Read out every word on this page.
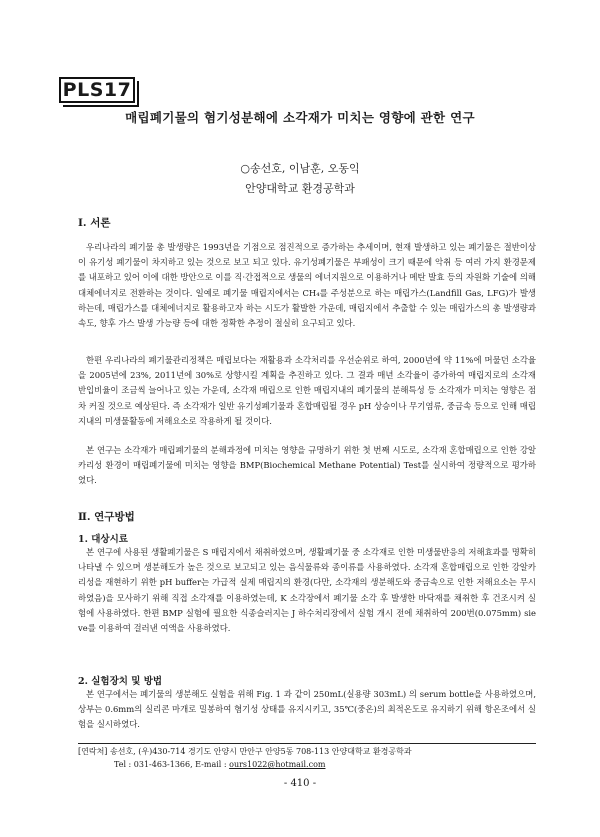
PLS17
매립폐기물의 혐기성분해에 소각재가 미치는 영향에 관한 연구
○송선호, 이남훈, 오동익
안양대학교 환경공학과
Ⅰ. 서론

우리나라의 폐기물 총 발생량은 1993년을 기점으로 점진적으로 증가하는 추세이며, 현재 발생하고 있는 폐기물은 절반이상이 유기성 폐기물이 차지하고 있는 것으로 보고 되고 있다. 유기성폐기물은 부패성이 크기 때문에 악취 등 여러 가지 환경문제를 내포하고 있어 이에 대한 방안으로 이를 직·간접적으로 생물의 에너지원으로 이용하거나 메탄 발효 등의 자원화 기술에 의해 대체에너지로 전환하는 것이다. 일예로 폐기물 매립지에서는 CH₄를 주성분으로 하는 매립가스(Landfill Gas, LFG)가 발생하는데, 매립가스를 대체에너지로 활용하고자 하는 시도가 활발한 가운데, 매립지에서 추출할 수 있는 매립가스의 총 발생량과 속도, 향후 가스 발생 가능량 등에 대한 정확한 추정이 절실히 요구되고 있다.

한편 우리나라의 폐기물관리정책은 매립보다는 재활용과 소각처리를 우선순위로 하여, 2000년에 약 11%에 머물던 소각율을 2005년에 23%, 2011년에 30%로 상향시킬 계획을 추진하고 있다. 그 결과 매년 소각율이 증가하여 매립지로의 소각재 반입비율이 조금씩 늘어나고 있는 가운데, 소각재 매립으로 인한 매립지내의 폐기물의 분해특성 등 소각재가 미치는 영향은 점차 커질 것으로 예상된다. 즉 소각재가 일반 유기성폐기물과 혼합매립될 경우 pH 상승이나 무기염류, 중금속 등으로 인해 매립지내의 미생물활동에 저해요소로 작용하게 될 것이다.

본 연구는 소각재가 매립폐기물의 분해과정에 미치는 영향을 규명하기 위한 첫 번째 시도로, 소각재 혼합매립으로 인한 강알카리성 환경이 매립폐기물에 미치는 영향을 BMP(Biochemical Methane Potential) Test를 실시하여 정량적으로 평가하였다.

Ⅱ. 연구방법
1. 대상시료

본 연구에 사용된 생활폐기물은 S 매립지에서 채취하였으며, 생활폐기물 중 소각재로 인한 미생물반응의 저해효과를 명확히 나타낼 수 있으며 생분해도가 높은 것으로 보고되고 있는 음식물류와 종이류를 사용하였다. 소각재 혼합매립으로 인한 강알카리성을 재현하기 위한 pH buffer는 가급적 실제 매립지의 환경(다만, 소각재의 생분해도와 중금속으로 인한 저해요소는 무시하였음)을 모사하기 위해 직접 소각재를 이용하였는데, K 소각장에서 폐기물 소각 후 발생한 바닥재를 채취한 후 건조시켜 실험에 사용하였다. 한편 BMP 실험에 필요한 식종슬러지는 J 하수처리장에서 실험 개시 전에 채취하여 200번(0.075mm) sieve를 이용하여 걸러낸 여액을 사용하였다.

2. 실험장치 및 방법

본 연구에서는 폐기물의 생분해도 실험을 위해 Fig. 1 과 같이 250mL(실용량 303mL) 의 serum bottle을 사용하였으며, 상부는 0.6mm의 실리콘 마개로 밀봉하여 혐기성 상태를 유지시키고, 35℃(중온)의 최적온도로 유지하기 위해 항온조에서 실험을 실시하였다.

[연락처] 송선호, (우)430-714 경기도 안양시 만안구 안양5동 708-113 안양대학교 환경공학과
Tel : 031-463-1366, E-mail : ours1022@hotmail.com
- 410 -
